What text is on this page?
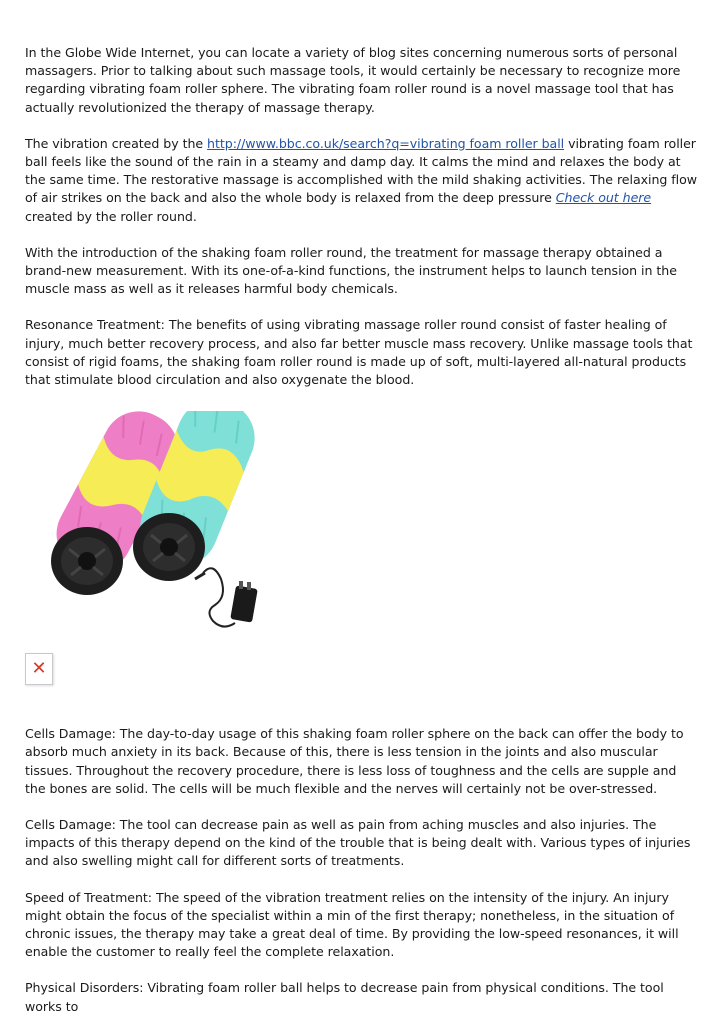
In the Globe Wide Internet, you can locate a variety of blog sites concerning numerous sorts of personal massagers. Prior to talking about such massage tools, it would certainly be necessary to recognize more regarding vibrating foam roller sphere. The vibrating foam roller round is a novel massage tool that has actually revolutionized the therapy of massage therapy.

The vibration created by the http://www.bbc.co.uk/search?q=vibrating foam roller ball vibrating foam roller ball feels like the sound of the rain in a steamy and damp day. It calms the mind and relaxes the body at the same time. The restorative massage is accomplished with the mild shaking activities. The relaxing flow of air strikes on the back and also the whole body is relaxed from the deep pressure Check out here created by the roller round.

With the introduction of the shaking foam roller round, the treatment for massage therapy obtained a brand-new measurement. With its one-of-a-kind functions, the instrument helps to launch tension in the muscle mass as well as it releases harmful body chemicals.

Resonance Treatment: The benefits of using vibrating massage roller round consist of faster healing of injury, much better recovery process, and also far better muscle mass recovery. Unlike massage tools that consist of rigid foams, the shaking foam roller round is made up of soft, multi-layered all-natural products that stimulate blood circulation and also oxygenate the blood.

✕

Cells Damage: The day-to-day usage of this shaking foam roller sphere on the back can offer the body to absorb much anxiety in its back. Because of this, there is less tension in the joints and also muscular tissues. Throughout the recovery procedure, there is less loss of toughness and the cells are supple and the bones are solid. The cells will be much flexible and the nerves will certainly not be over-stressed.

Cells Damage: The tool can decrease pain as well as pain from aching muscles and also injuries. The impacts of this therapy depend on the kind of the trouble that is being dealt with. Various types of injuries and also swelling might call for different sorts of treatments.

Speed of Treatment: The speed of the vibration treatment relies on the intensity of the injury. An injury might obtain the focus of the specialist within a min of the first therapy; nonetheless, in the situation of chronic issues, the therapy may take a great deal of time. By providing the low-speed resonances, it will enable the customer to really feel the complete relaxation.

Physical Disorders: Vibrating foam roller ball helps to decrease pain from physical conditions. The tool works to
